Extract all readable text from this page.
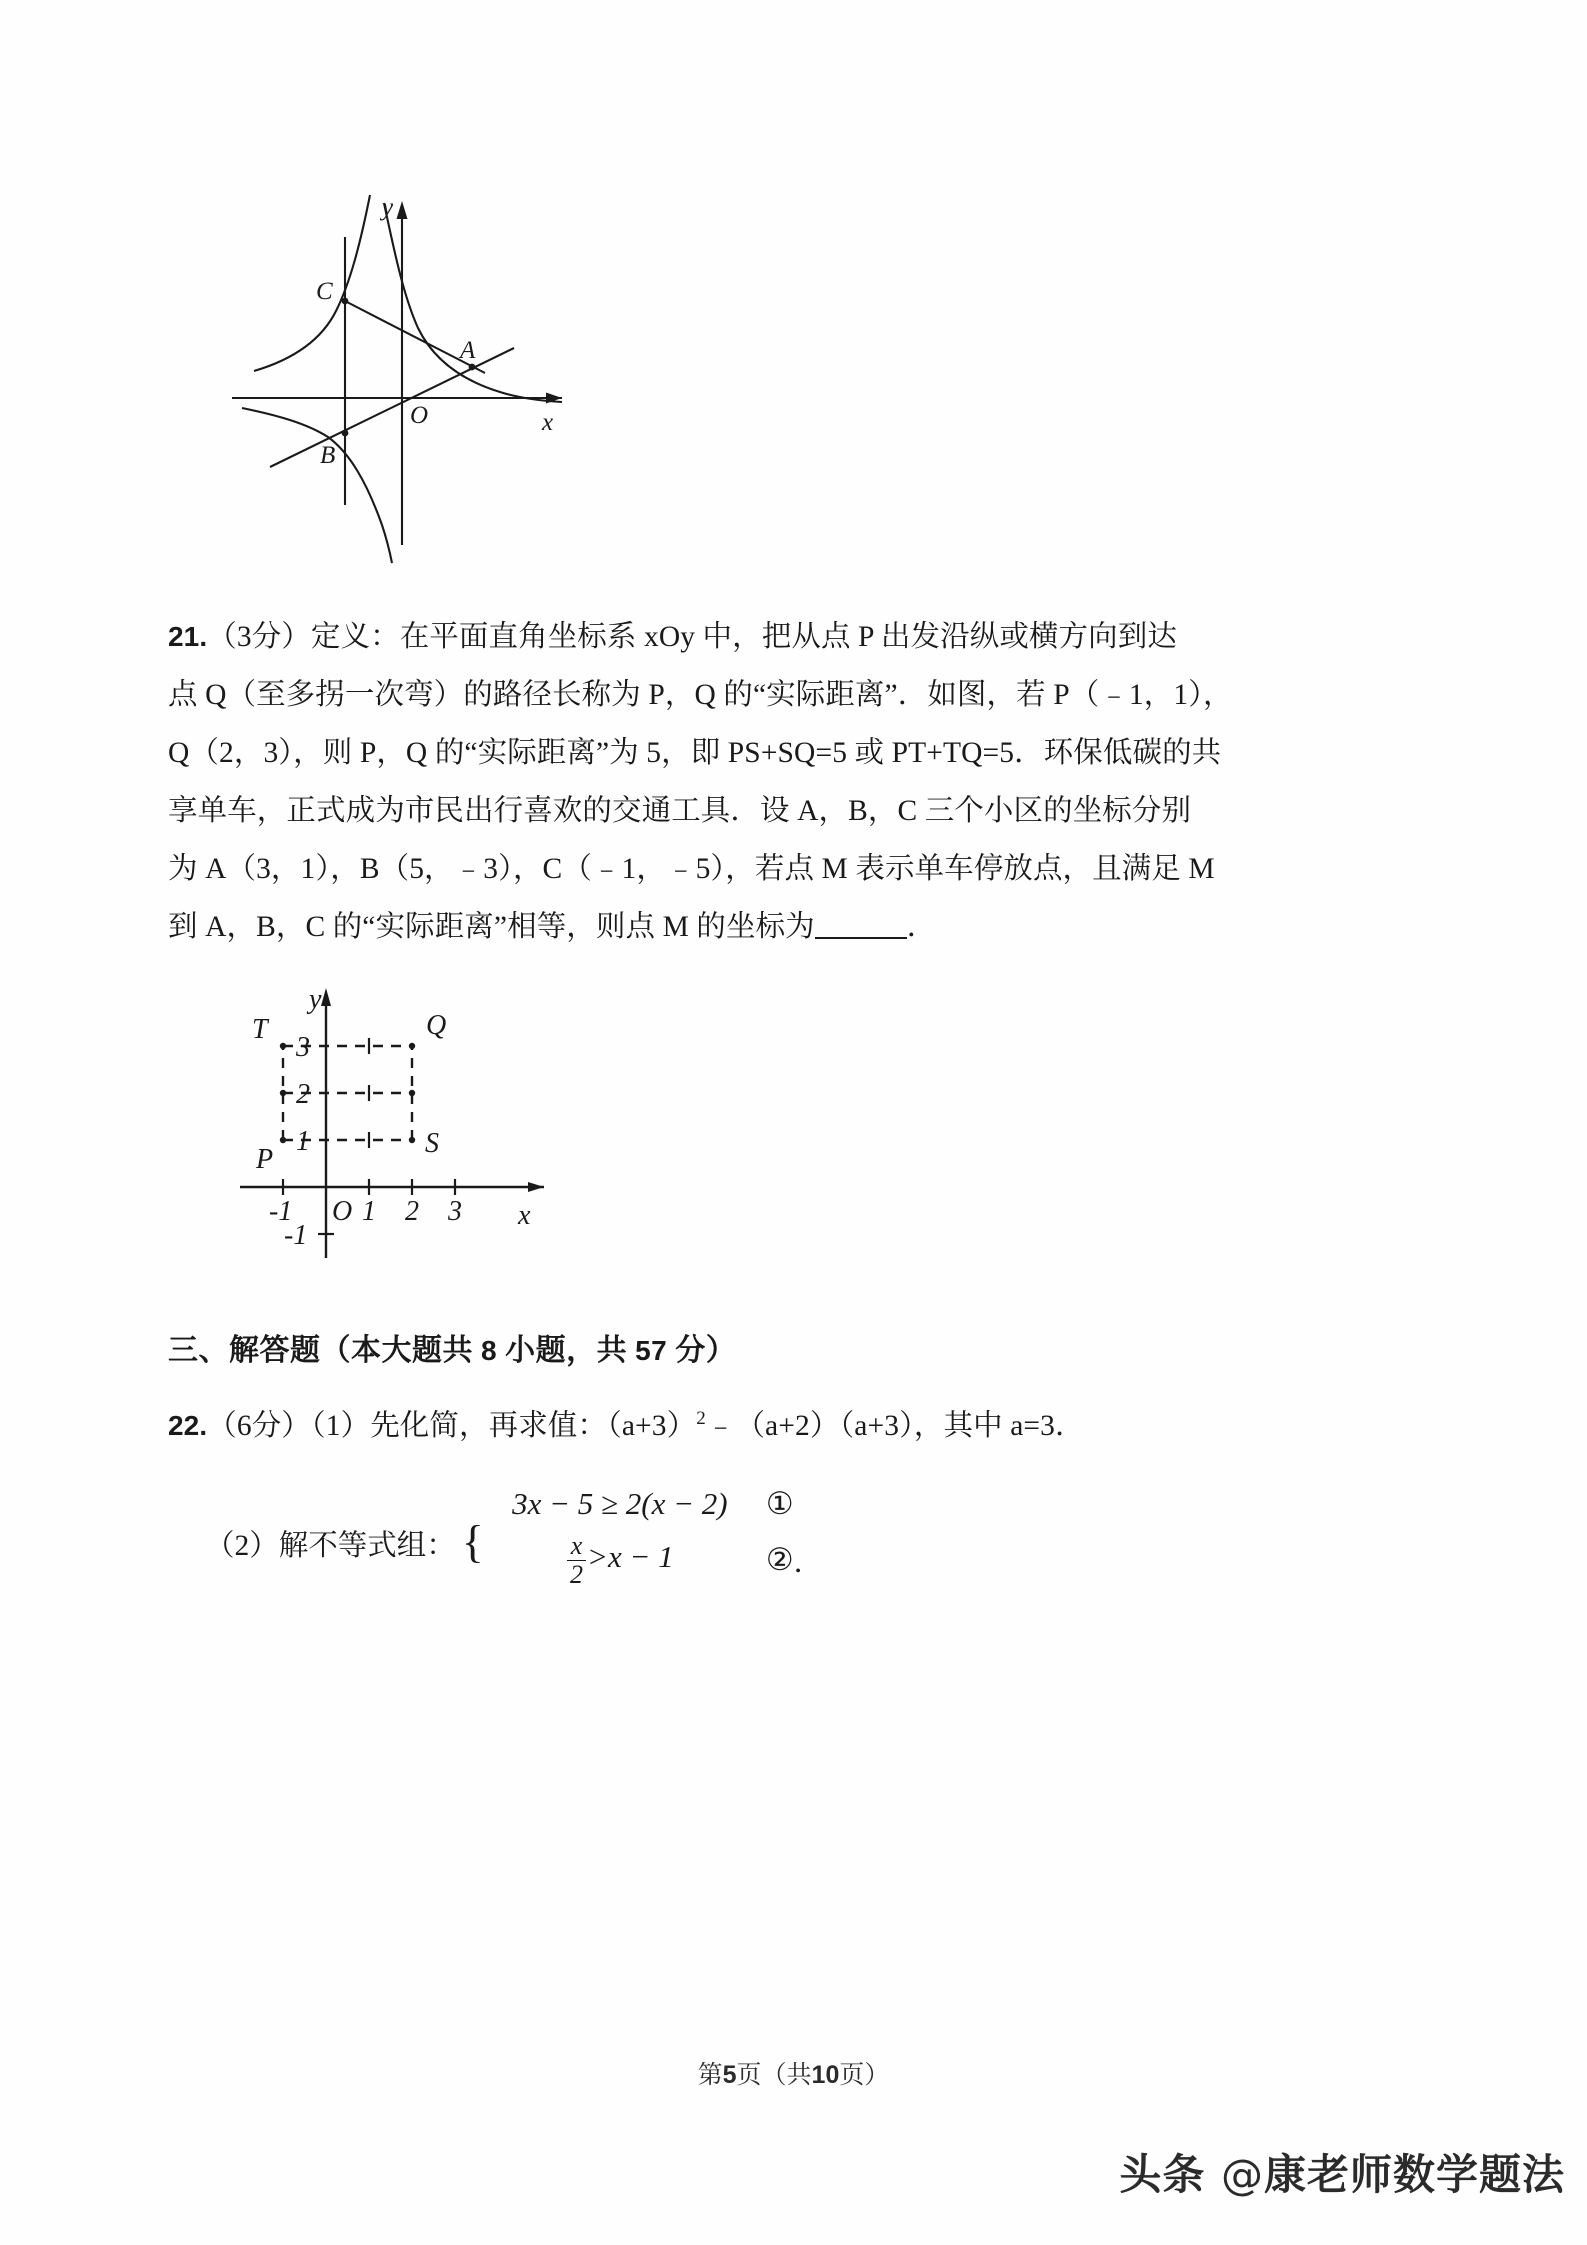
C
B
A
O	x
y

21.（3分）定义：在平面直角坐标系 xOy 中，把从点 P 出发沿纵或横方向到达

点 Q（至多拐一次弯）的路径长称为 P，Q 的“实际距离”．如图，若 P（﹣1，1），

Q（2，3），则 P，Q 的“实际距离”为 5，即 PS+SQ=5 或 PT+TQ=5．环保低碳的共

享单车，正式成为市民出行喜欢的交通工具．设 A，B，C 三个小区的坐标分别

为 A（3，1），B（5，﹣3），C（﹣1，﹣5），若点 M 表示单车停放点，且满足 M

到 A，B，C 的“实际距离”相等，则点 M 的坐标为	．

3
2
1
-1
-1 1 2 3
O	x
y
T	Q
P
S
三、解答题（本大题共 8 小题，共 57 分）
22.（6分）（1）先化简，再求值：$(a+3)^2﹣(a+2)(a+3)$，其中 a=3．
（2）解不等式组： {
3x − 5 ≥ 2(x − 2)	①
$\frac{x}{2} >x - 1$	② ．
第5页（共10页）
头条 @康老师数学题法
